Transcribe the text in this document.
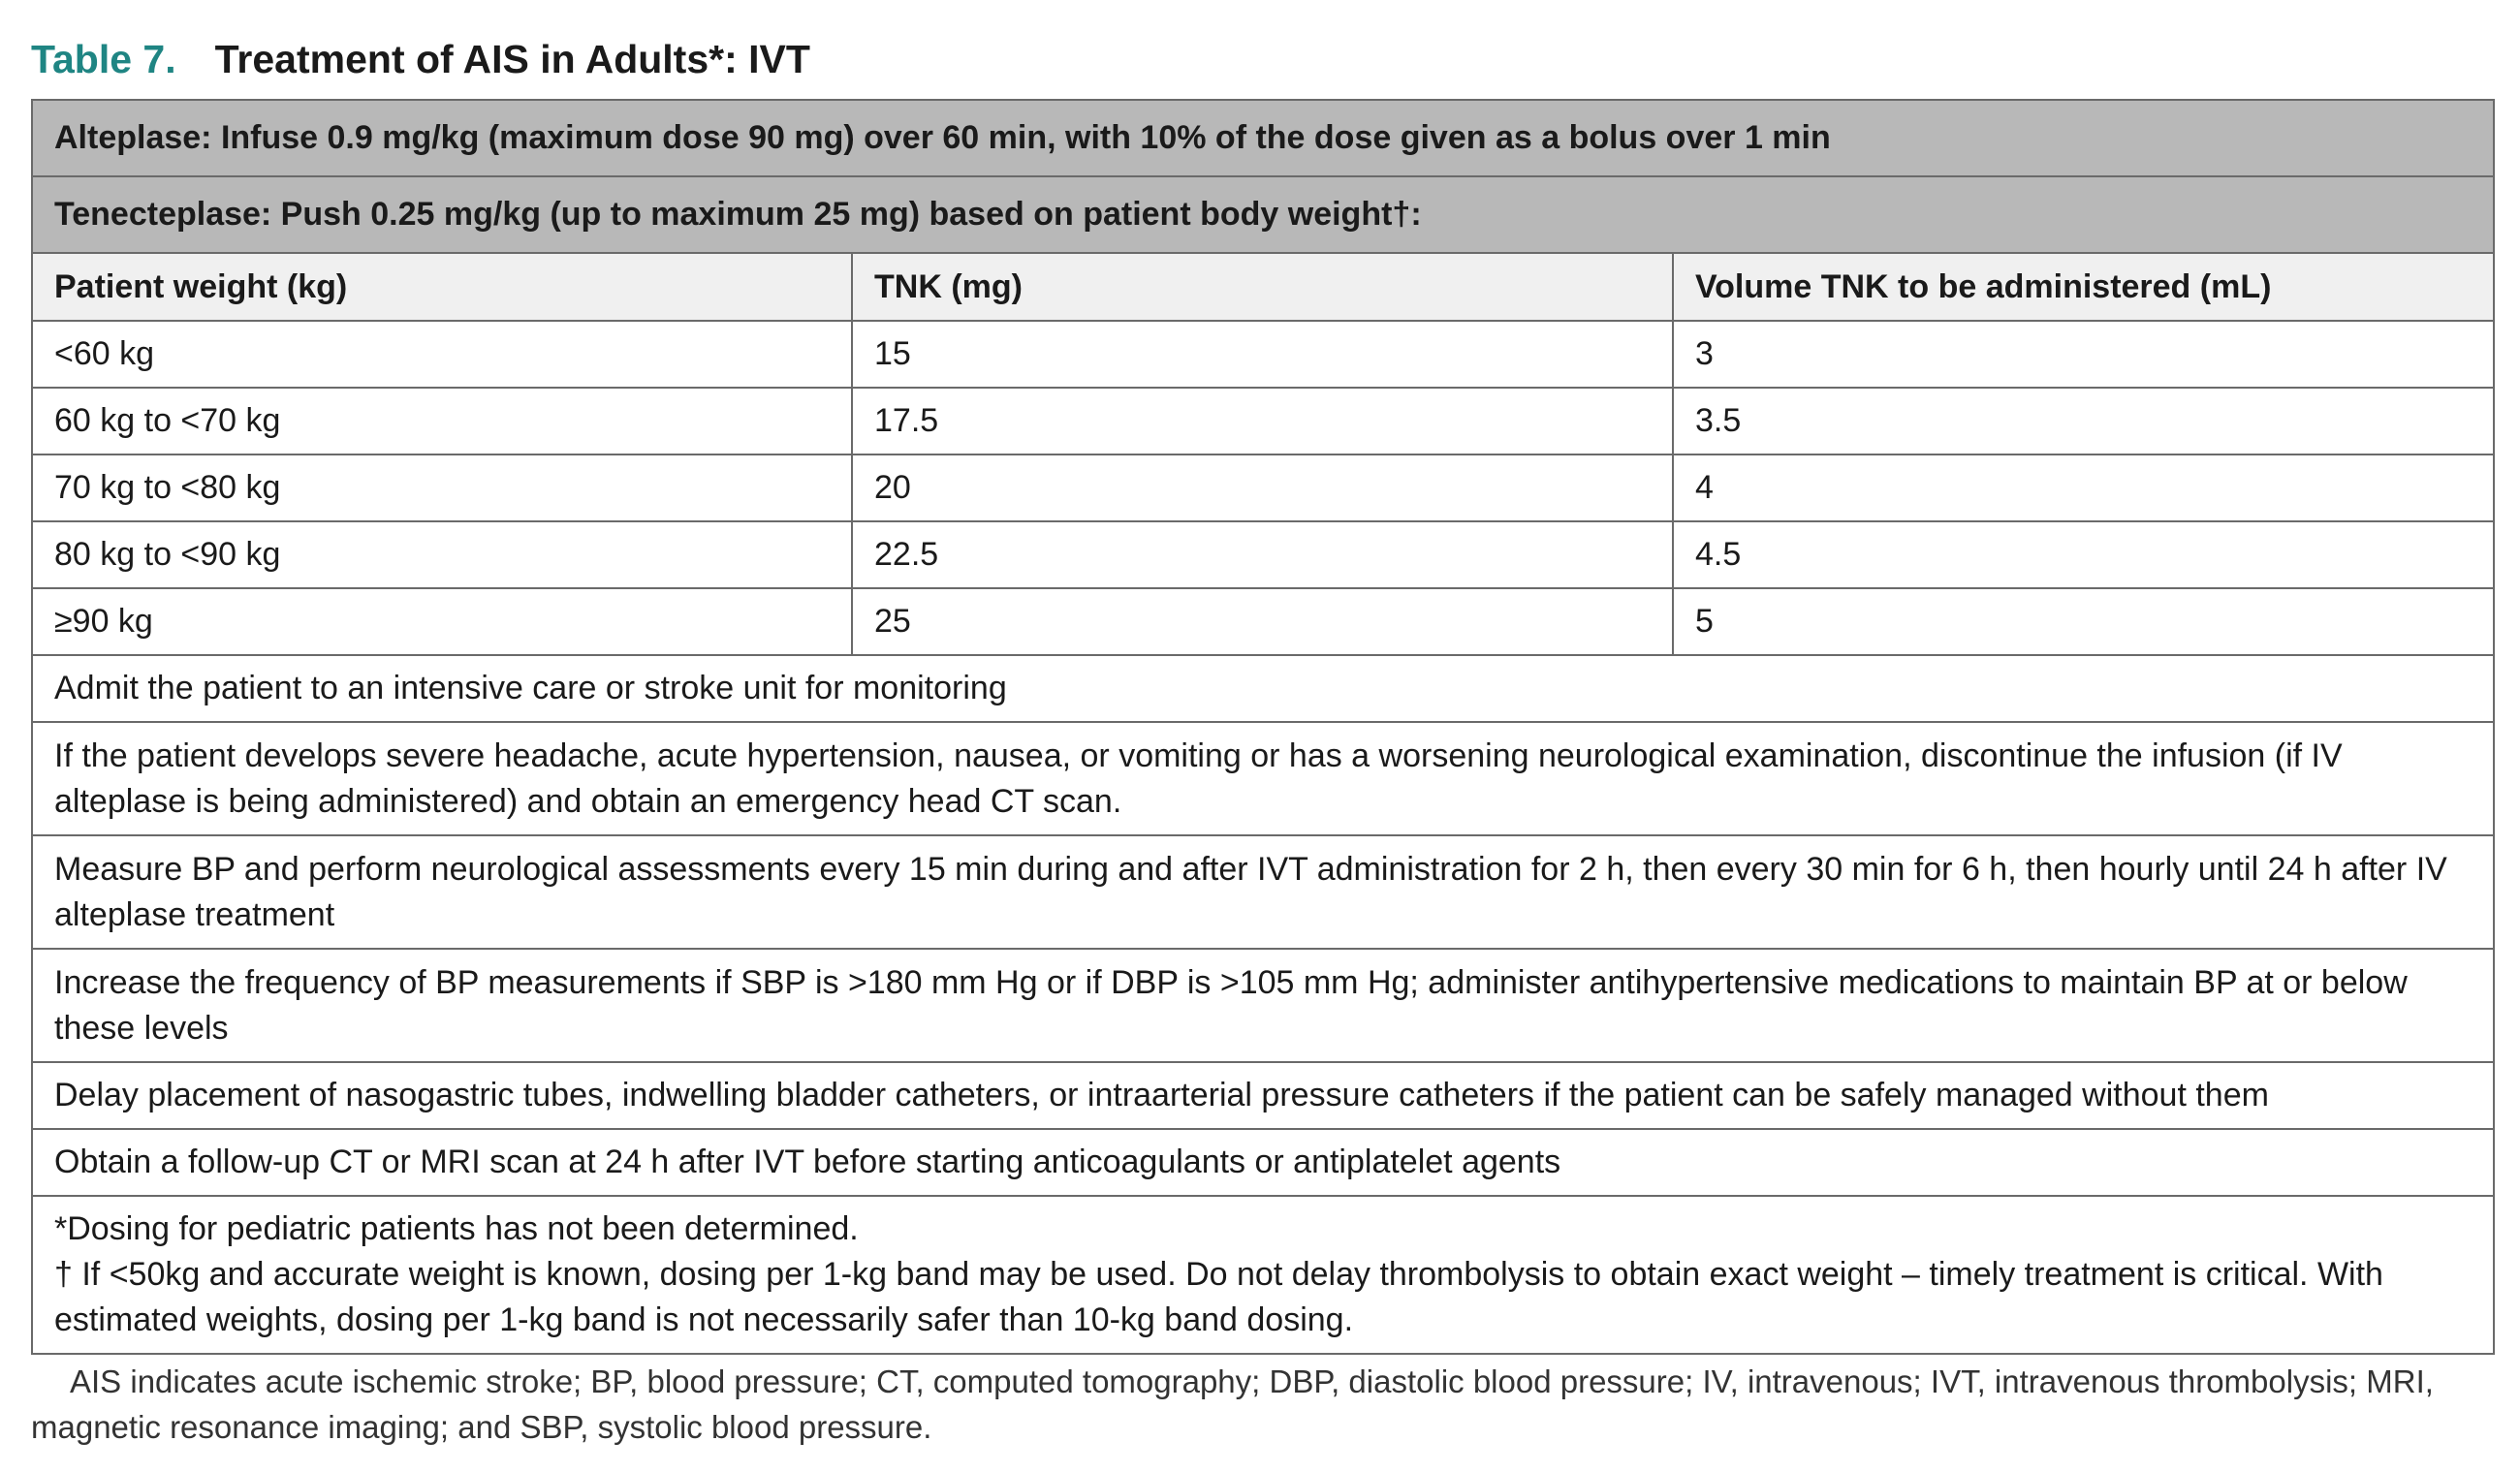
Table 7. Treatment of AIS in Adults*: IVT
Alteplase: Infuse 0.9 mg/kg (maximum dose 90 mg) over 60 min, with 10% of the dose given as a bolus over 1 min		
Tenecteplase: Push 0.25 mg/kg (up to maximum 25 mg) based on patient body weight†:		
Patient weight (kg)	TNK (mg)	Volume TNK to be administered (mL)
<60 kg	15	3
60 kg to <70 kg	17.5	3.5
70 kg to <80 kg	20	4
80 kg to <90 kg	22.5	4.5
≥90 kg	25	5
Admit the patient to an intensive care or stroke unit for monitoring		
If the patient develops severe headache, acute hypertension, nausea, or vomiting or has a worsening neurological examination, discontinue the infusion (if IV alteplase is being administered) and obtain an emergency head CT scan.		
Measure BP and perform neurological assessments every 15 min during and after IVT administration for 2 h, then every 30 min for 6 h, then hourly until 24 h after IV alteplase treatment		
Increase the frequency of BP measurements if SBP is >180 mm Hg or if DBP is >105 mm Hg; administer antihypertensive medications to maintain BP at or below these levels		
Delay placement of nasogastric tubes, indwelling bladder catheters, or intraarterial pressure catheters if the patient can be safely managed without them		
Obtain a follow-up CT or MRI scan at 24 h after IVT before starting anticoagulants or antiplatelet agents		

*Dosing for pediatric patients has not been determined.
† If <50kg and accurate weight is known, dosing per 1-kg band may be used. Do not delay thrombolysis to obtain exact weight – timely treatment is critical. With estimated weights, dosing per 1-kg band is not necessarily safer than 10-kg band dosing.		
AIS indicates acute ischemic stroke; BP, blood pressure; CT, computed tomography; DBP, diastolic blood pressure; IV, intravenous; IVT, intravenous thrombolysis; MRI, magnetic resonance imaging; and SBP, systolic blood pressure.
